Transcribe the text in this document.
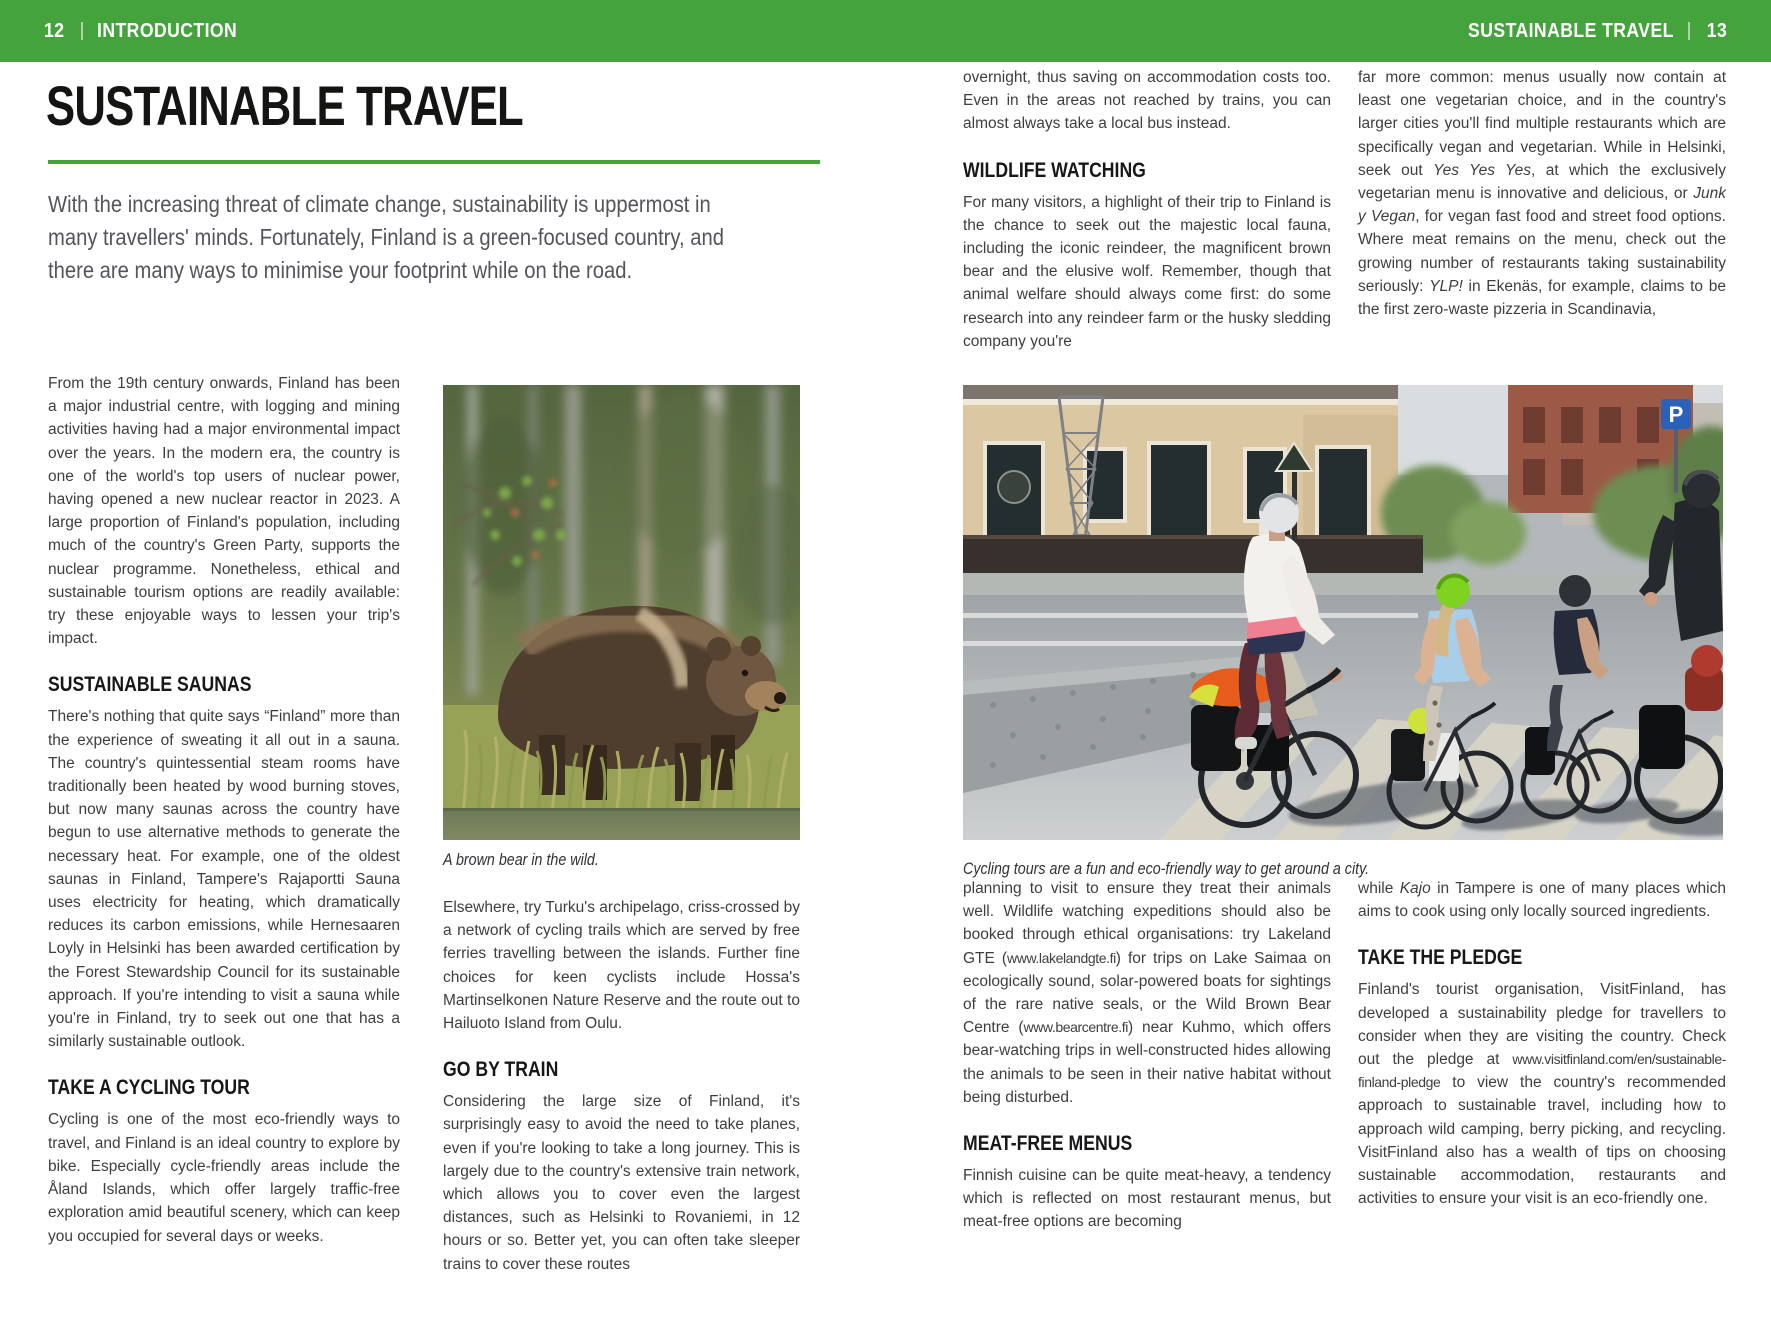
12 INTRODUCTION	SUSTAINABLE TRAVEL 13
SUSTAINABLE TRAVEL
With the increasing threat of climate change, sustainability is uppermost in many travellers' minds. Fortunately, Finland is a green-focused country, and there are many ways to minimise your footprint while on the road.

From the 19th century onwards, Finland has been a major industrial centre, with logging and mining activities having had a major environmental impact over the years. In the modern era, the country is one of the world's top users of nuclear power, having opened a new nuclear reactor in 2023. A large proportion of Finland's population, including much of the country's Green Party, supports the nuclear programme. Nonetheless, ethical and sustainable tourism options are readily available: try these enjoyable ways to lessen your trip's impact.

SUSTAINABLE SAUNAS

There's nothing that quite says “Finland” more than the experience of sweating it all out in a sauna. The country's quintessential steam rooms have traditionally been heated by wood burning stoves, but now many saunas across the country have begun to use alternative methods to generate the necessary heat. For example, one of the oldest saunas in Finland, Tampere's Rajaportti Sauna uses electricity for heating, which dramatically reduces its carbon emissions, while Hernesaaren Loyly in Helsinki has been awarded certification by the Forest Stewardship Council for its sustainable approach. If you're intending to visit a sauna while you're in Finland, try to seek out one that has a similarly sustainable outlook.

TAKE A CYCLING TOUR

Cycling is one of the most eco-friendly ways to travel, and Finland is an ideal country to explore by bike. Especially cycle-friendly areas include the Åland Islands, which offer largely traffic-free exploration amid beautiful scenery, which can keep you occupied for several days or weeks.

A brown bear in the wild.

Elsewhere, try Turku's archipelago, criss-crossed by a network of cycling trails which are served by free ferries travelling between the islands. Further fine choices for keen cyclists include Hossa's Martinselkonen Nature Reserve and the route out to Hailuoto Island from Oulu.

GO BY TRAIN

Considering the large size of Finland, it's surprisingly easy to avoid the need to take planes, even if you're looking to take a long journey. This is largely due to the country's extensive train network, which allows you to cover even the largest distances, such as Helsinki to Rovaniemi, in 12 hours or so. Better yet, you can often take sleeper trains to cover these routes

overnight, thus saving on accommodation costs too. Even in the areas not reached by trains, you can almost always take a local bus instead.

WILDLIFE WATCHING

For many visitors, a highlight of their trip to Finland is the chance to seek out the majestic local fauna, including the iconic reindeer, the magnificent brown bear and the elusive wolf. Remember, though that animal welfare should always come first: do some research into any reindeer farm or the husky sledding company you're

far more common: menus usually now contain at least one vegetarian choice, and in the country's larger cities you'll find multiple restaurants which are specifically vegan and vegetarian. While in Helsinki, seek out Yes Yes Yes, at which the exclusively vegetarian menu is innovative and delicious, or Junk y Vegan, for vegan fast food and street food options. Where meat remains on the menu, check out the growing number of restaurants taking sustainability seriously: YLP! in Ekenäs, for example, claims to be the first zero-waste pizzeria in Scandinavia,

P
Cycling tours are a fun and eco-friendly way to get around a city.

planning to visit to ensure they treat their animals well. Wildlife watching expeditions should also be booked through ethical organisations: try Lakeland GTE (www.lakelandgte.fi) for trips on Lake Saimaa on ecologically sound, solar-powered boats for sightings of the rare native seals, or the Wild Brown Bear Centre (www.bearcentre.fi) near Kuhmo, which offers bear-watching trips in well-constructed hides allowing the animals to be seen in their native habitat without being disturbed.

MEAT-FREE MENUS

Finnish cuisine can be quite meat-heavy, a tendency which is reflected on most restaurant menus, but meat-free options are becoming

while Kajo in Tampere is one of many places which aims to cook using only locally sourced ingredients.

TAKE THE PLEDGE

Finland's tourist organisation, VisitFinland, has developed a sustainability pledge for travellers to consider when they are visiting the country. Check out the pledge at www.visitfinland.com/en/sustainable-finland-pledge to view the country's recommended approach to sustainable travel, including how to approach wild camping, berry picking, and recycling. VisitFinland also has a wealth of tips on choosing sustainable accommodation, restaurants and activities to ensure your visit is an eco-friendly one.
